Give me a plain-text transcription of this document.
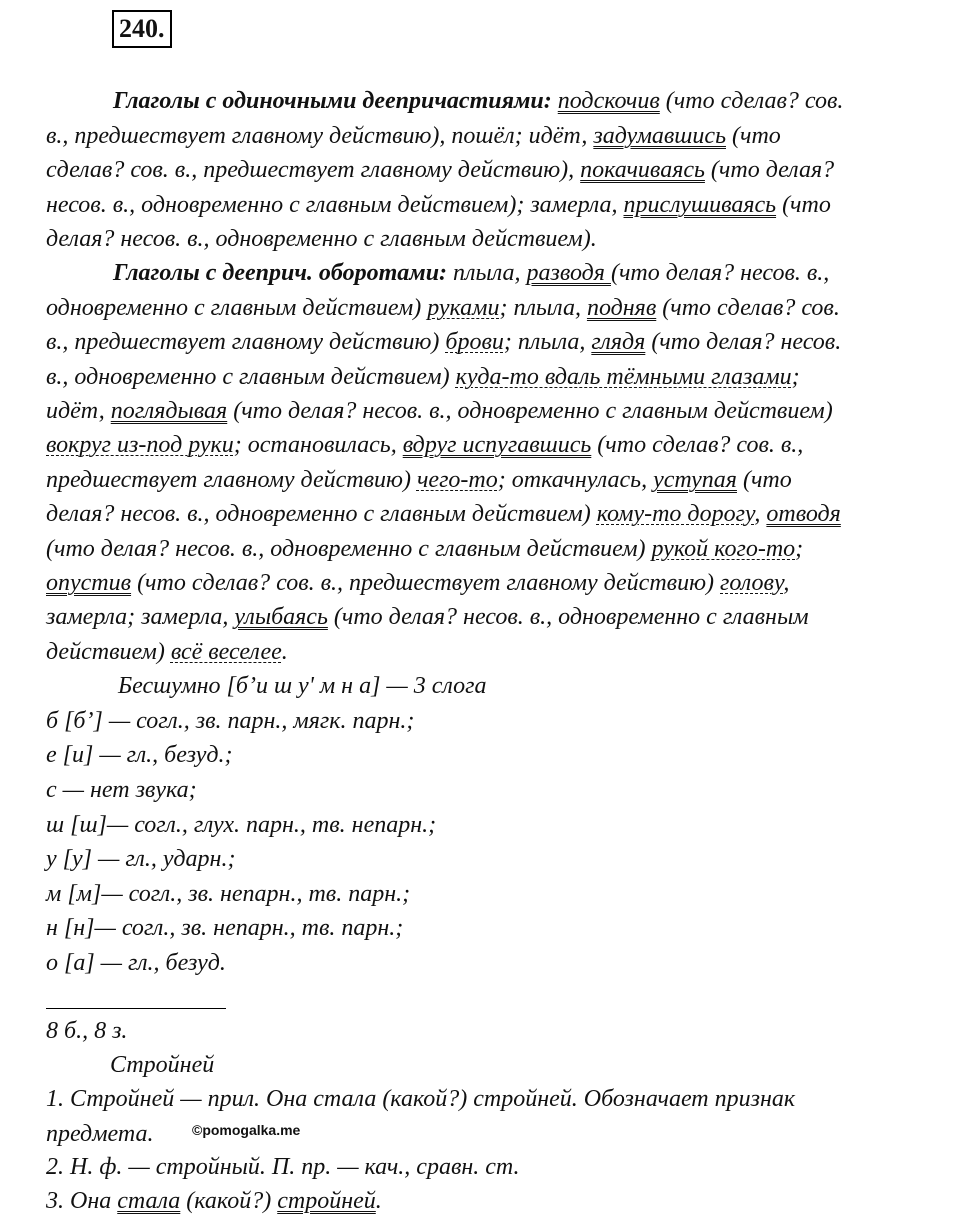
240.
Глаголы с одиночными деепричастиями: подскочив (что сделав? сов.
в., предшествует главному действию), пошёл; идёт, задумавшись (что
сделав? сов. в., предшествует главному действию), покачиваясь (что делая?
несов. в., одновременно с главным действием); замерла, прислушиваясь (что
делая? несов. в., одновременно с главным действием).
Глаголы с дееприч. оборотами: плыла, разводя (что делая? несов. в.,
одновременно с главным действием) руками; плыла, подняв (что сделав? сов.
в., предшествует главному действию) брови; плыла, глядя (что делая? несов.
в., одновременно с главным действием) куда-то вдаль тёмными глазами;
идёт, поглядывая (что делая? несов. в., одновременно с главным действием)
вокруг из-под руки; остановилась, вдруг испугавшись (что сделав? сов. в.,
предшествует главному действию) чего-то; откачнулась, уступая (что
делая? несов. в., одновременно с главным действием) кому-то дорогу, отводя
(что делая? несов. в., одновременно с главным действием) рукой кого-то;
опустив (что сделав? сов. в., предшествует главному действию) голову,
замерла; замерла, улыбаясь (что делая? несов. в., одновременно с главным
действием) всё веселее.
Бесшумно [б’и ш у' м н а] — 3 слога
б [б’] — согл., зв. парн., мягк. парн.;
е [и] — гл., безуд.;
с — нет звука;
ш [ш]— согл., глух. парн., тв. непарн.;
у [у] — гл., ударн.;
м [м]— согл., зв. непарн., тв. парн.;
н [н]— согл., зв. непарн., тв. парн.;
о [а] — гл., безуд.
8 б., 8 з.
Стройней
1. Стройней — прил. Она стала (какой?) стройней. Обозначает признак
предмета.	©pomogalka.me
2. Н. ф. — стройный. П. пр. — кач., сравн. ст.
3. Она стала (какой?) стройней.
